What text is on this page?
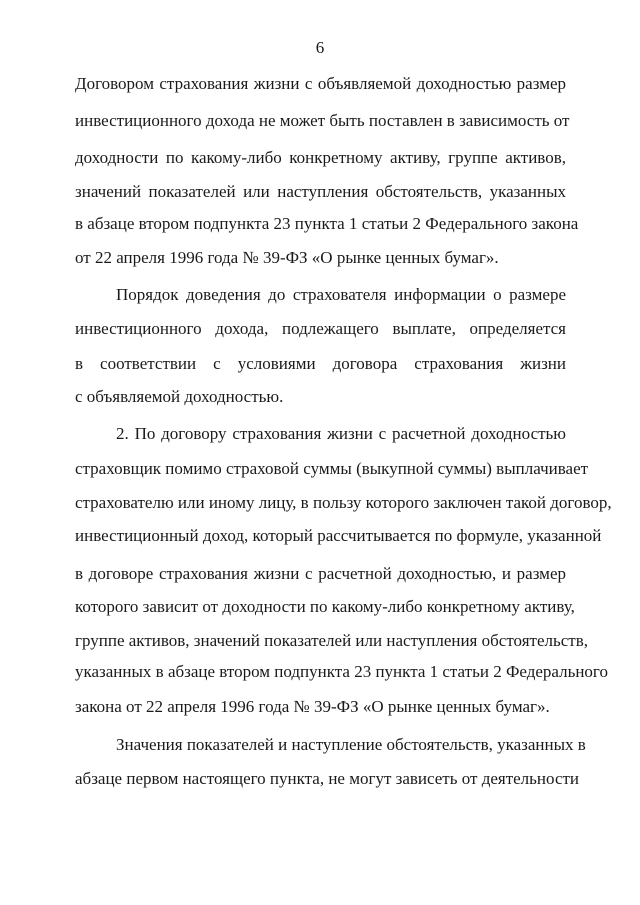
6
Договором страхования жизни с объявляемой доходностью размер
инвестиционного дохода не может быть поставлен в зависимость от
доходности по какому-либо конкретному активу, группе активов,
значений показателей или наступления обстоятельств, указанных
в абзаце втором подпункта 23 пункта 1 статьи 2 Федерального закона
от 22 апреля 1996 года № 39-ФЗ «О рынке ценных бумаг».
Порядок доведения до страхователя информации о размере
инвестиционного дохода, подлежащего выплате, определяется
в соответствии с условиями договора страхования жизни
с объявляемой доходностью.
2. По договору страхования жизни с расчетной доходностью
страховщик помимо страховой суммы (выкупной суммы) выплачивает
страхователю или иному лицу, в пользу которого заключен такой договор,
инвестиционный доход, который рассчитывается по формуле, указанной
в договоре страхования жизни с расчетной доходностью, и размер
которого зависит от доходности по какому-либо конкретному активу,
группе активов, значений показателей или наступления обстоятельств,
указанных в абзаце втором подпункта 23 пункта 1 статьи 2 Федерального
закона от 22 апреля 1996 года № 39-ФЗ «О рынке ценных бумаг».
Значения показателей и наступление обстоятельств, указанных в
абзаце первом настоящего пункта, не могут зависеть от деятельности
